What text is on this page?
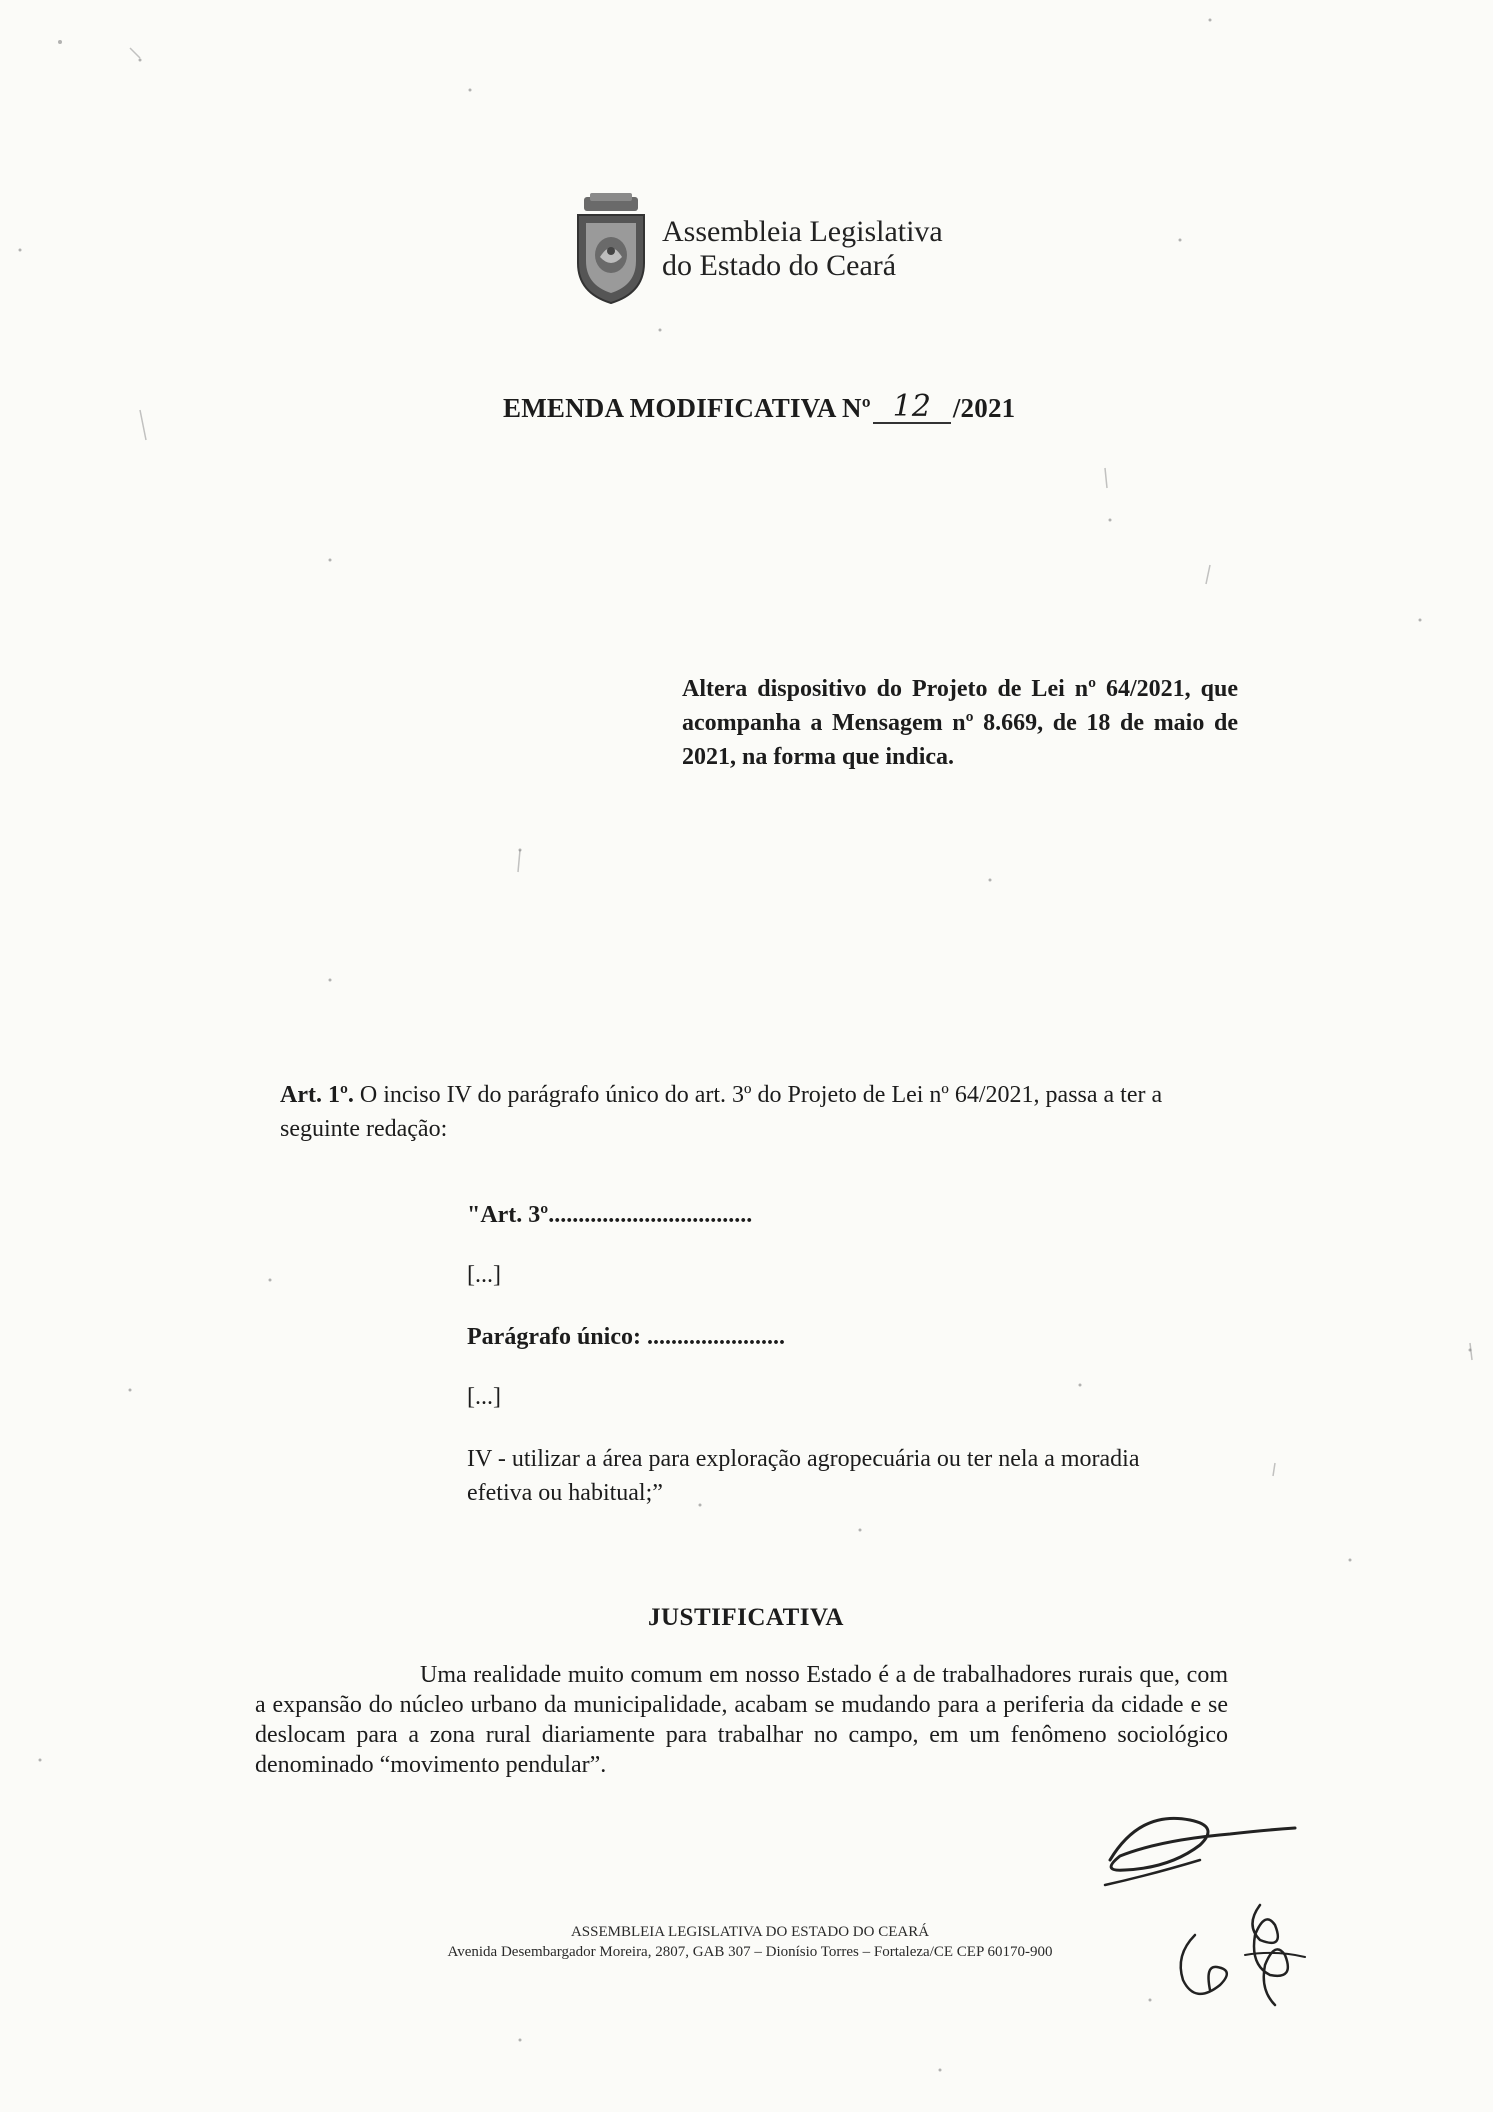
Assembleia Legislativa
do Estado do Ceará
EMENDA MODIFICATIVA Nº 12 /2021
Altera dispositivo do Projeto de Lei nº 64/2021, que acompanha a Mensagem nº 8.669, de 18 de maio de 2021, na forma que indica.
Art. 1º. O inciso IV do parágrafo único do art. 3º do Projeto de Lei nº 64/2021, passa a ter a seguinte redação:
"Art. 3º..................................
[...]
Parágrafo único: .......................
[...]
IV - utilizar a área para exploração agropecuária ou ter nela a moradia
efetiva ou habitual;”
JUSTIFICATIVA
Uma realidade muito comum em nosso Estado é a de trabalhadores rurais que, com a expansão do núcleo urbano da municipalidade, acabam se mudando para a periferia da cidade e se deslocam para a zona rural diariamente para trabalhar no campo, em um fenômeno sociológico denominado “movimento pendular”.
ASSEMBLEIA LEGISLATIVA DO ESTADO DO CEARÁ
Avenida Desembargador Moreira, 2807, GAB 307 – Dionísio Torres – Fortaleza/CE CEP 60170-900
